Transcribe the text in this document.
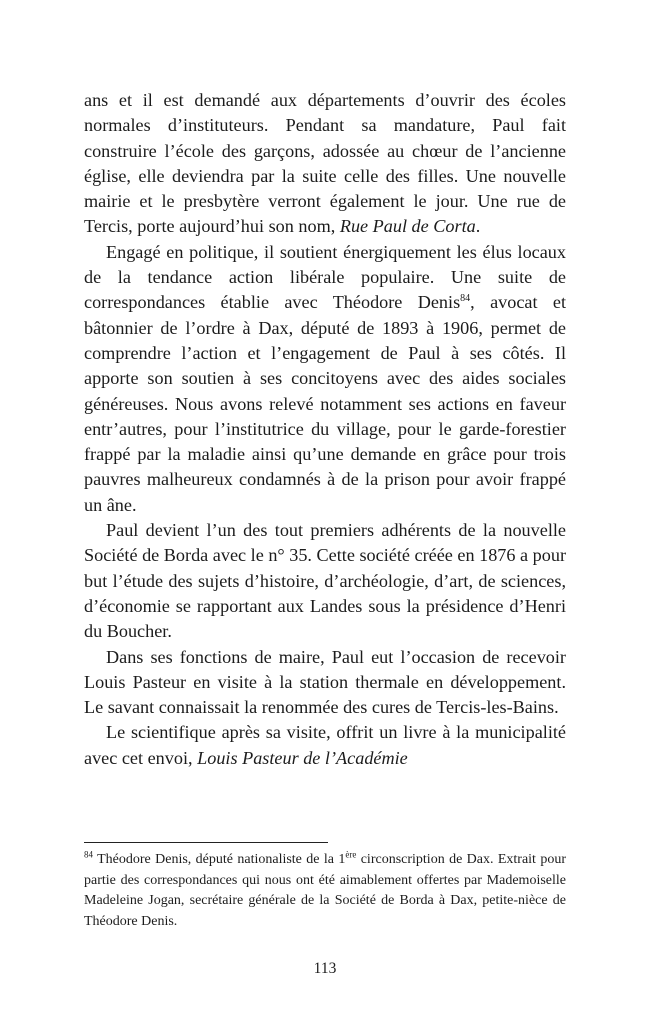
ans et il est demandé aux départements d’ouvrir des écoles normales d’instituteurs. Pendant sa mandature, Paul fait construire l’école des garçons, adossée au chœur de l’ancienne église, elle deviendra par la suite celle des filles. Une nouvelle mairie et le presbytère verront également le jour. Une rue de Tercis, porte aujourd’hui son nom, Rue Paul de Corta.

Engagé en politique, il soutient énergiquement les élus locaux de la tendance action libérale populaire. Une suite de correspondances établie avec Théodore Denis$^{84}$, avocat et bâtonnier de l’ordre à Dax, député de 1893 à 1906, permet de comprendre l’action et l’engagement de Paul à ses côtés. Il apporte son soutien à ses concitoyens avec des aides sociales généreuses. Nous avons relevé notamment ses actions en faveur entr’autres, pour l’institutrice du village, pour le garde-forestier frappé par la maladie ainsi qu’une demande en grâce pour trois pauvres malheureux condamnés à de la prison pour avoir frappé un âne.

Paul devient l’un des tout premiers adhérents de la nouvelle Société de Borda avec le n° 35. Cette société créée en 1876 a pour but l’étude des sujets d’histoire, d’archéologie, d’art, de sciences, d’économie se rapportant aux Landes sous la présidence d’Henri du Boucher.

Dans ses fonctions de maire, Paul eut l’occasion de recevoir Louis Pasteur en visite à la station thermale en développement. Le savant connaissait la renommée des cures de Tercis-les-Bains.

Le scientifique après sa visite, offrit un livre à la municipalité avec cet envoi, Louis Pasteur de l’Académie

$^{84}$ Théodore Denis, député nationaliste de la 1ère circonscription de Dax. Extrait pour partie des correspondances qui nous ont été aimablement offertes par Mademoiselle Madeleine Jogan, secrétaire générale de la Société de Borda à Dax, petite-nièce de Théodore Denis.
113
